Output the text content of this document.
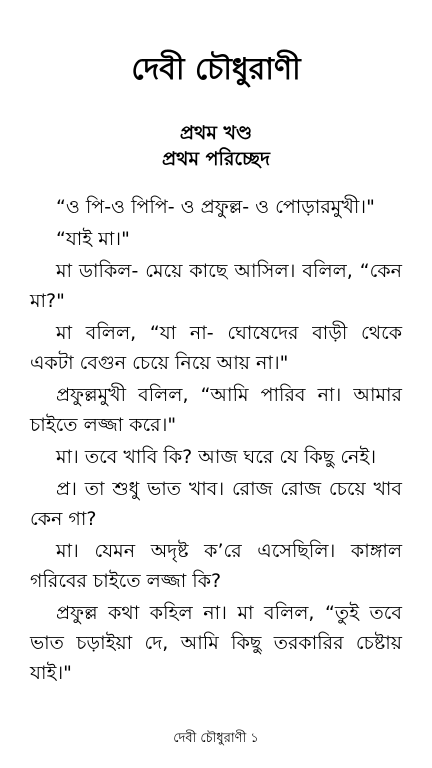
দেবী চৌধুরাণী
প্রথম খণ্ড
প্রথম পরিচ্ছেদ

“ও পি-ও পিপি- ও প্রফুল্ল- ও পোড়ারমুখী।"

“যাই মা।"

মা ডাকিল- মেয়ে কাছে আসিল। বলিল, “কেন মা?"

মা বলিল, “যা না- ঘোষেদের বাড়ী থেকে একটা বেগুন চেয়ে নিয়ে আয় না।"

প্রফুল্লমুখী বলিল, “আমি পারিব না। আমার চাইতে লজ্জা করে।"

মা। তবে খাবি কি? আজ ঘরে যে কিছু নেই।

প্র। তা শুধু ভাত খাব। রোজ রোজ চেয়ে খাব কেন গা?

মা। যেমন অদৃষ্ট ক’রে এসেছিলি। কাঙ্গাল গরিবের চাইতে লজ্জা কি?

প্রফুল্ল কথা কহিল না। মা বলিল, “তুই তবে ভাত চড়াইয়া দে, আমি কিছু তরকারির চেষ্টায় যাই।"

দেবী চৌধুরাণী ১
